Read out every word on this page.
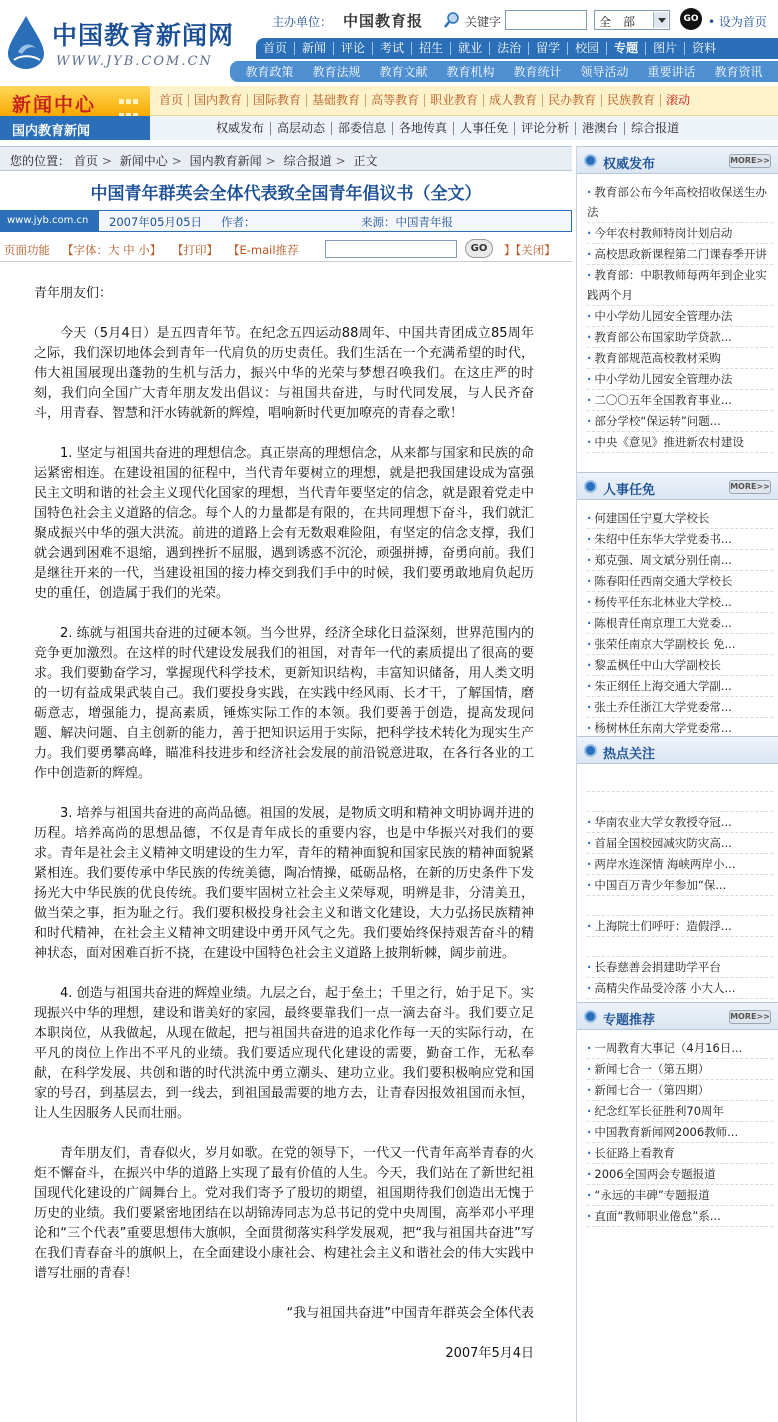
中国教育新闻网
WWW.JYB.COM.CN
主办单位： 中国教育报	关键字	全　部	GO • 设为首页
首页	新闻	评论	考试	招生	就业	法治	留学	校园	专题	图片	资料
教育政策 教育法规 教育文献 教育机构 教育统计 领导活动 重要讲话 教育资讯
新闻中心
国内教育新闻
首页 国内教育 国际教育 基础教育 高等教育 职业教育 成人教育 民办教育 民族教育 滚动
权威发布	高层动态	部委信息	各地传真	人事任免	评论分析	港澳台	综合报道
您的位置： 首页 > 新闻中心 > 国内教育新闻 > 综合报道 > 正文
中国青年群英会全体代表致全国青年倡议书（全文）
www.jyb.com.cn	2007年05月05日 作者：	来源：中国青年报
页面功能 【字体：大 中 小】 【打印】 【E-mail推荐	GO	】【关闭】

青年朋友们：

今天（5月4日）是五四青年节。在纪念五四运动88周年、中国共青团成立85周年之际，我们深切地体会到青年一代肩负的历史责任。我们生活在一个充满希望的时代，伟大祖国展现出蓬勃的生机与活力，振兴中华的光荣与梦想召唤我们。在这庄严的时刻，我们向全国广大青年朋友发出倡议：与祖国共奋进，与时代同发展，与人民齐奋斗，用青春、智慧和汗水铸就新的辉煌，唱响新时代更加嘹亮的青春之歌！

1. 坚定与祖国共奋进的理想信念。真正崇高的理想信念，从来都与国家和民族的命运紧密相连。在建设祖国的征程中，当代青年要树立的理想，就是把我国建设成为富强民主文明和谐的社会主义现代化国家的理想，当代青年要坚定的信念，就是跟着党走中国特色社会主义道路的信念。每个人的力量都是有限的，在共同理想下奋斗，我们就汇聚成振兴中华的强大洪流。前进的道路上会有无数艰难险阻，有坚定的信念支撑，我们就会遇到困难不退缩，遇到挫折不屈服，遇到诱惑不沉沦，顽强拼搏，奋勇向前。我们是继往开来的一代，当建设祖国的接力棒交到我们手中的时候，我们要勇敢地肩负起历史的重任，创造属于我们的光荣。

2. 练就与祖国共奋进的过硬本领。当今世界，经济全球化日益深刻，世界范围内的竞争更加激烈。在这样的时代建设发展我们的祖国，对青年一代的素质提出了很高的要求。我们要勤奋学习，掌握现代科学技术，更新知识结构，丰富知识储备，用人类文明的一切有益成果武装自己。我们要投身实践，在实践中经风雨、长才干，了解国情，磨砺意志，增强能力，提高素质，锤炼实际工作的本领。我们要善于创造，提高发现问题、解决问题、自主创新的能力，善于把知识运用于实际，把科学技术转化为现实生产力。我们要勇攀高峰，瞄准科技进步和经济社会发展的前沿锐意进取，在各行各业的工作中创造新的辉煌。

3. 培养与祖国共奋进的高尚品德。祖国的发展，是物质文明和精神文明协调并进的历程。培养高尚的思想品德，不仅是青年成长的重要内容，也是中华振兴对我们的要求。青年是社会主义精神文明建设的生力军，青年的精神面貌和国家民族的精神面貌紧紧相连。我们要传承中华民族的传统美德，陶冶情操，砥砺品格，在新的历史条件下发扬光大中华民族的优良传统。我们要牢固树立社会主义荣辱观，明辨是非，分清美丑，做当荣之事，拒为耻之行。我们要积极投身社会主义和谐文化建设，大力弘扬民族精神和时代精神，在社会主义精神文明建设中勇开风气之先。我们要始终保持艰苦奋斗的精神状态，面对困难百折不挠，在建设中国特色社会主义道路上披荆斩棘，阔步前进。

4. 创造与祖国共奋进的辉煌业绩。九层之台，起于垒土；千里之行，始于足下。实现振兴中华的理想，建设和谐美好的家园，最终要靠我们一点一滴去奋斗。我们要立足本职岗位，从我做起，从现在做起，把与祖国共奋进的追求化作每一天的实际行动，在平凡的岗位上作出不平凡的业绩。我们要适应现代化建设的需要，勤奋工作，无私奉献，在科学发展、共创和谐的时代洪流中勇立潮头、建功立业。我们要积极响应党和国家的号召，到基层去，到一线去，到祖国最需要的地方去，让青春因报效祖国而永恒，让人生因服务人民而壮丽。

青年朋友们，青春似火，岁月如歌。在党的领导下，一代又一代青年高举青春的火炬不懈奋斗，在振兴中华的道路上实现了最有价值的人生。今天，我们站在了新世纪祖国现代化建设的广阔舞台上。党对我们寄予了殷切的期望，祖国期待我们创造出无愧于历史的业绩。我们要紧密地团结在以胡锦涛同志为总书记的党中央周围，高举邓小平理论和“三个代表”重要思想伟大旗帜，全面贯彻落实科学发展观，把“我与祖国共奋进”写在我们青春奋斗的旗帜上，在全面建设小康社会、构建社会主义和谐社会的伟大实践中谱写壮丽的青春！

“我与祖国共奋进”中国青年群英会全体代表

2007年5月4日

权威发布	MORE>>
· 教育部公布今年高校招收保送生办法
· 今年农村教师特岗计划启动
· 高校思政新课程第二门课春季开讲
· 教育部：中职教师每两年到企业实践两个月
· 中小学幼儿园安全管理办法
· 教育部公布国家助学贷款...
· 教育部规范高校教材采购
· 中小学幼儿园安全管理办法
· 二〇〇五年全国教育事业...
· 部分学校“保运转”问题...
· 中央《意见》推进新农村建设
人事任免	MORE>>
· 何建国任宁夏大学校长
· 朱绍中任东华大学党委书...
· 郑克强、周文斌分别任南...
· 陈春阳任西南交通大学校长
· 杨传平任东北林业大学校...
· 陈根青任南京理工大党委...
· 张荣任南京大学副校长 免...
· 黎孟枫任中山大学副校长
· 朱正纲任上海交通大学副...
· 张土乔任浙江大学党委常...
· 杨树林任东南大学党委常...
热点关注
· 华南农业大学女教授夺冠...
· 首届全国校园减灾防灾高...
· 两岸水连深情 海峡两岸小...
· 中国百万青少年参加“保...
· 上海院士们呼吁：造假浮...
· 长春慈善会捐建助学平台
· 高精尖作品受冷落 小大人...
·
专题推荐	MORE>>
· 一周教育大事记（4月16日...
· 新闻七合一（第五期）
· 新闻七合一（第四期）
· 纪念红军长征胜利70周年
· 中国教育新闻网2006教师...
· 长征路上看教育
· 2006全国两会专题报道
· “永远的丰碑”专题报道
· 直面“教师职业倦怠”系...
